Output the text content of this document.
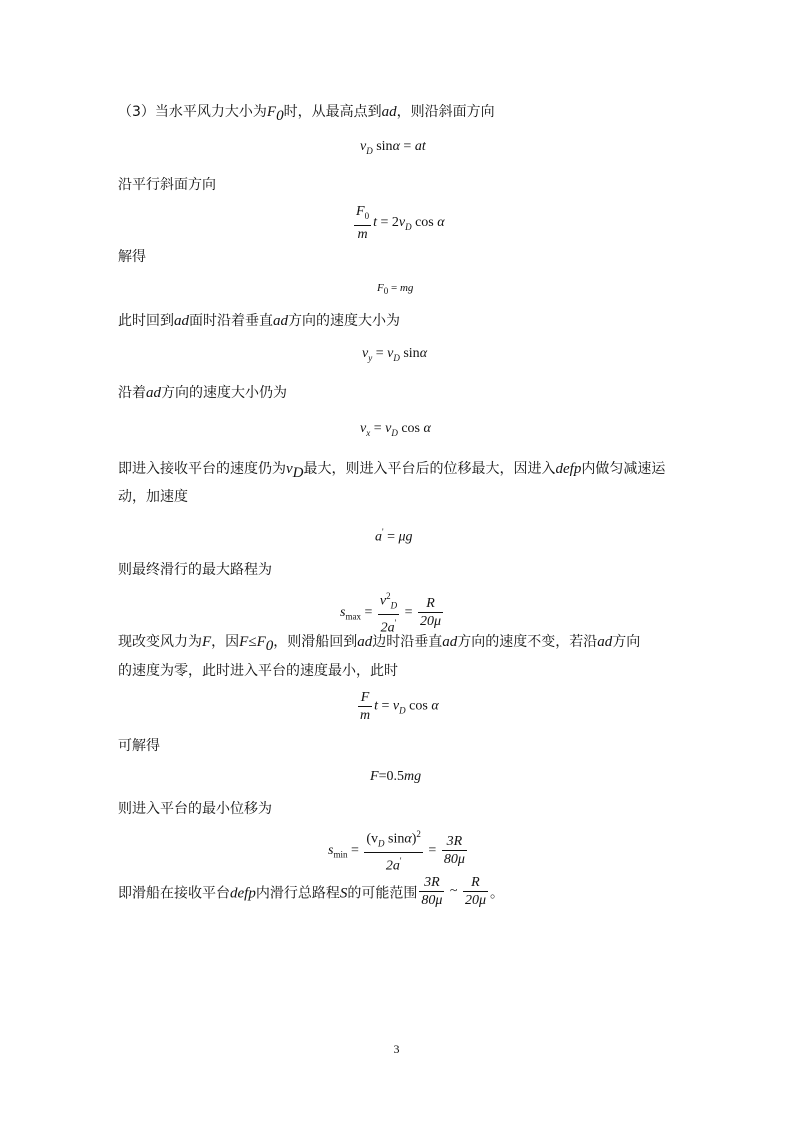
（3）当水平风力大小为$F_0$时，从最高点到ad，则沿斜面方向
$v_D$ sinα = at
沿平行斜面方向
$\frac{F_0}{m}$ $t = 2v_D$ cos α
解得
$F_0$ = mg
此时回到ad面时沿着垂直ad方向的速度大小为
$v_y = v_D$ sinα
沿着ad方向的速度大小仍为
$v_x = v_D$ cos α
即进入接收平台的速度仍为$v_D$最大，则进入平台后的位移最大，因进入defp内做匀减速运
动，加速度
a' = μg
则最终滑行的最大路程为
$s_{max} = \frac{v^2_D}{2a'} = \frac{R}{20\mu}$
现改变风力为F，因$F\le F_0$，则滑船回到ad边时沿垂直ad方向的速度不变，若沿ad方向
的速度为零，此时进入平台的速度最小，此时
$\frac{F}{m}$ $t = v_D$ cos α
可解得
F=0.5mg
则进入平台的最小位移为
$s_{min} = \frac{(v_D \sin\alpha)^2}{2a'} = \frac{3R}{80\mu}$
即滑船在接收平台defp内滑行总路程S的可能范围 $\frac{3R}{80\mu}$ ~ $\frac{R}{20\mu}$ 。
3
